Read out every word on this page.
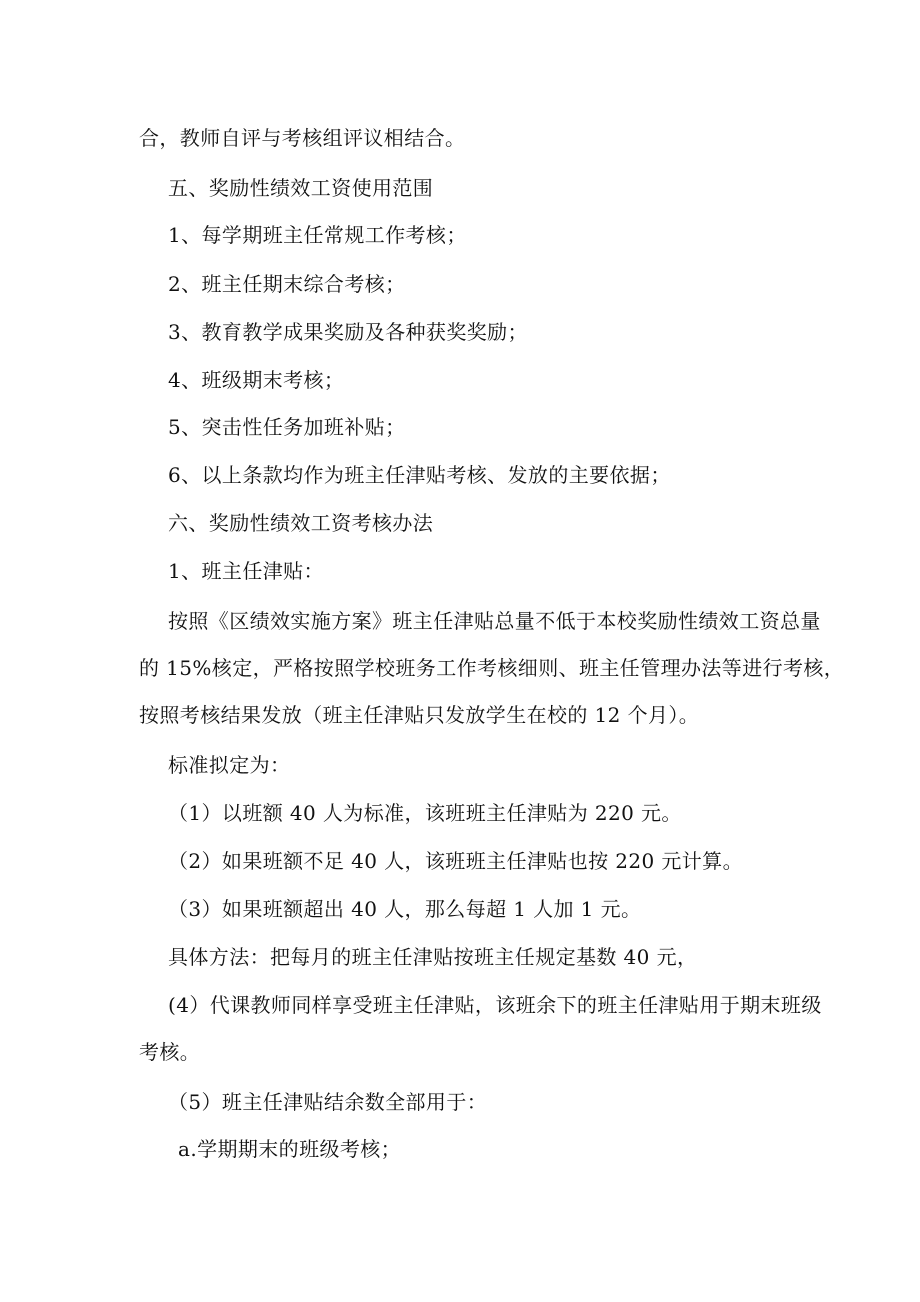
合，教师自评与考核组评议相结合。
五、奖励性绩效工资使用范围
1、每学期班主任常规工作考核；
2、班主任期末综合考核；
3、教育教学成果奖励及各种获奖奖励；
4、班级期末考核；
5、突击性任务加班补贴；
6、以上条款均作为班主任津贴考核、发放的主要依据；
六、奖励性绩效工资考核办法
1、班主任津贴：
按照《区绩效实施方案》班主任津贴总量不低于本校奖励性绩效工资总量
的 15%核定，严格按照学校班务工作考核细则、班主任管理办法等进行考核，
按照考核结果发放（班主任津贴只发放学生在校的 12 个月）。
标准拟定为：
（1）以班额 40 人为标准，该班班主任津贴为 220 元。
（2）如果班额不足 40 人，该班班主任津贴也按 220 元计算。
（3）如果班额超出 40 人，那么每超 1 人加 1 元。
具体方法：把每月的班主任津贴按班主任规定基数 40 元，
(4）代课教师同样享受班主任津贴，该班余下的班主任津贴用于期末班级
考核。
（5）班主任津贴结余数全部用于：
a.学期期末的班级考核；
